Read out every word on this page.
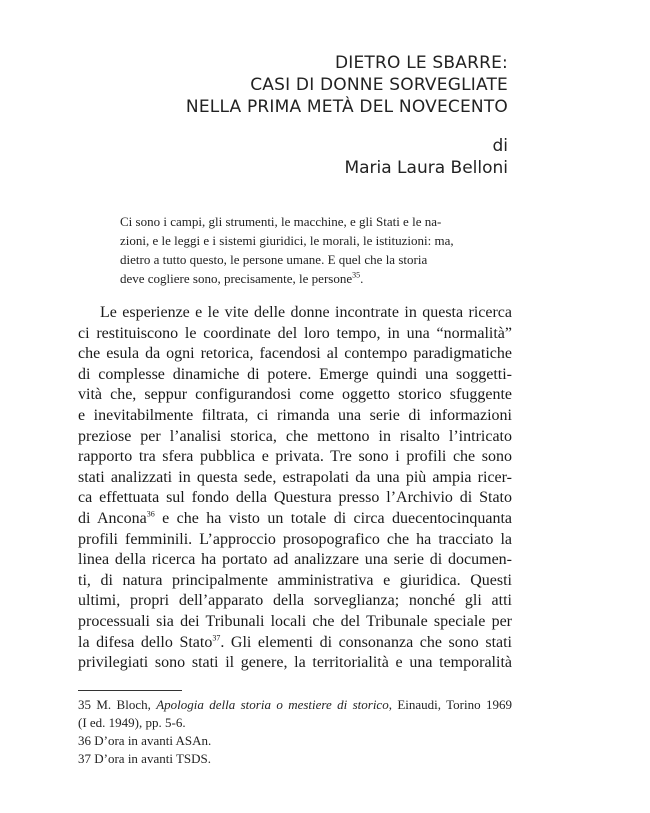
DIETRO LE SBARRE:
CASI DI DONNE SORVEGLIATE
NELLA PRIMA METÀ DEL NOVECENTO
di
Maria Laura Belloni
Ci sono i campi, gli strumenti, le macchine, e gli Stati e le na-
zioni, e le leggi e i sistemi giuridici, le morali, le istituzioni: ma,
dietro a tutto questo, le persone umane. E quel che la storia
deve cogliere sono, precisamente, le persone$^{35}$.
Le esperienze e le vite delle donne incontrate in questa ricerca
ci restituiscono le coordinate del loro tempo, in una “normalità”
che esula da ogni retorica, facendosi al contempo paradigmatiche
di complesse dinamiche di potere. Emerge quindi una soggetti-
vità che, seppur configurandosi come oggetto storico sfuggente
e inevitabilmente filtrata, ci rimanda una serie di informazioni
preziose per l’analisi storica, che mettono in risalto l’intricato
rapporto tra sfera pubblica e privata. Tre sono i profili che sono
stati analizzati in questa sede, estrapolati da una più ampia ricer-
ca effettuata sul fondo della Questura presso l’Archivio di Stato
di Ancona$^{36}$ e che ha visto un totale di circa duecentocinquanta
profili femminili. L’approccio prosopografico che ha tracciato la
linea della ricerca ha portato ad analizzare una serie di documen-
ti, di natura principalmente amministrativa e giuridica. Questi
ultimi, propri dell’apparato della sorveglianza; nonché gli atti
processuali sia dei Tribunali locali che del Tribunale speciale per
la difesa dello Stato$^{37}$. Gli elementi di consonanza che sono stati
privilegiati sono stati il genere, la territorialità e una temporalità
35 M. Bloch, Apologia della storia o mestiere di storico, Einaudi, Torino 1969
(I ed. 1949), pp. 5-6.
36 D’ora in avanti ASAn.
37 D’ora in avanti TSDS.
